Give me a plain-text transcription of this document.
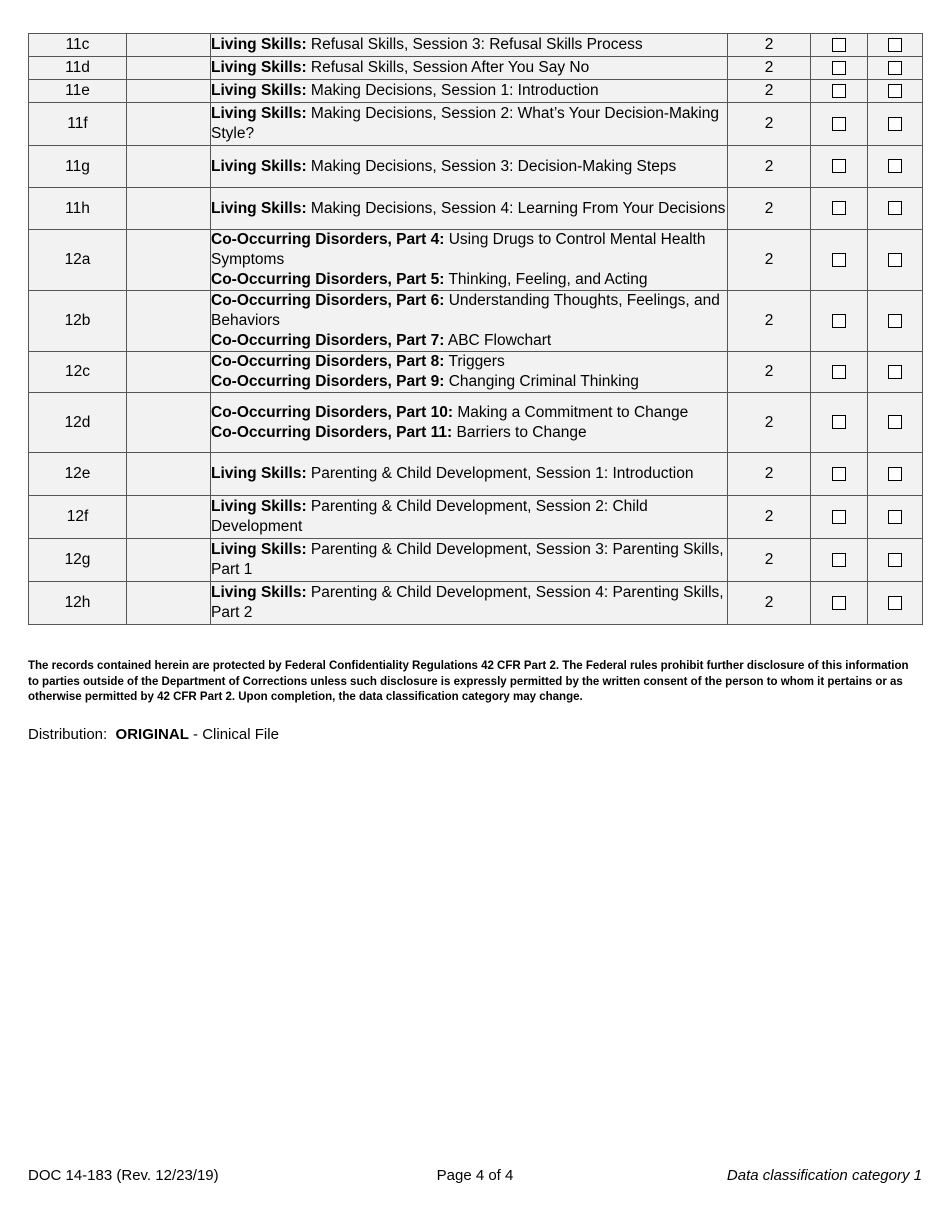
11c		Living Skills: Refusal Skills, Session 3: Refusal Skills Process	2		
11d		Living Skills: Refusal Skills, Session After You Say No	2		
11e		Living Skills: Making Decisions, Session 1: Introduction	2		
11f		Living Skills: Making Decisions, Session 2: What’s Your Decision-Making Style?	2		
11g		Living Skills: Making Decisions, Session 3: Decision-Making Steps	2		
11h		Living Skills: Making Decisions, Session 4: Learning From Your Decisions	2		
12a		Co-Occurring Disorders, Part 4: Using Drugs to Control Mental Health Symptoms
Co-Occurring Disorders, Part 5: Thinking, Feeling, and Acting	2		
12b		Co-Occurring Disorders, Part 6: Understanding Thoughts, Feelings, and Behaviors
Co-Occurring Disorders, Part 7: ABC Flowchart	2		
12c		Co-Occurring Disorders, Part 8: Triggers
Co-Occurring Disorders, Part 9: Changing Criminal Thinking	2		
12d		Co-Occurring Disorders, Part 10: Making a Commitment to Change
Co-Occurring Disorders, Part 11: Barriers to Change	2		
12e		Living Skills: Parenting & Child Development, Session 1: Introduction	2		
12f		Living Skills: Parenting & Child Development, Session 2: Child Development	2		
12g		Living Skills: Parenting & Child Development, Session 3: Parenting Skills, Part 1	2		
12h		Living Skills: Parenting & Child Development, Session 4: Parenting Skills, Part 2	2		

The records contained herein are protected by Federal Confidentiality Regulations 42 CFR Part 2. The Federal rules prohibit further disclosure of this information to parties outside of the Department of Corrections unless such disclosure is expressly permitted by the written consent of the person to whom it pertains or as otherwise permitted by 42 CFR Part 2. Upon completion, the data classification category may change.

Distribution: ORIGINAL - Clinical File

DOC 14-183 (Rev. 12/23/19)	Page 4 of 4	Data classification category 1
